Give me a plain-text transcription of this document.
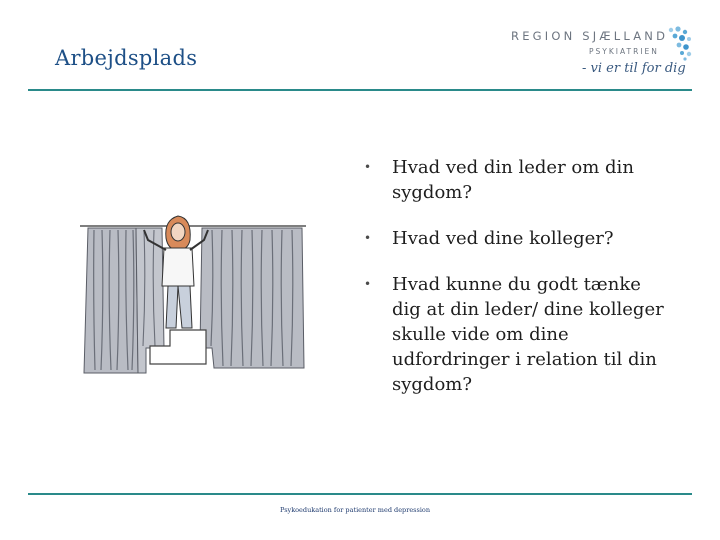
Arbejdsplads
REGION SJÆLLAND
PSYKIATRIEN
- vi er til for dig
• Hvad ved din leder om din sygdom?
• Hvad ved dine kolleger?
• Hvad kunne du godt tænke dig at din leder/ dine kolleger skulle vide om dine udfordringer i relation til din sygdom?
Psykoedukation for patienter med depression
